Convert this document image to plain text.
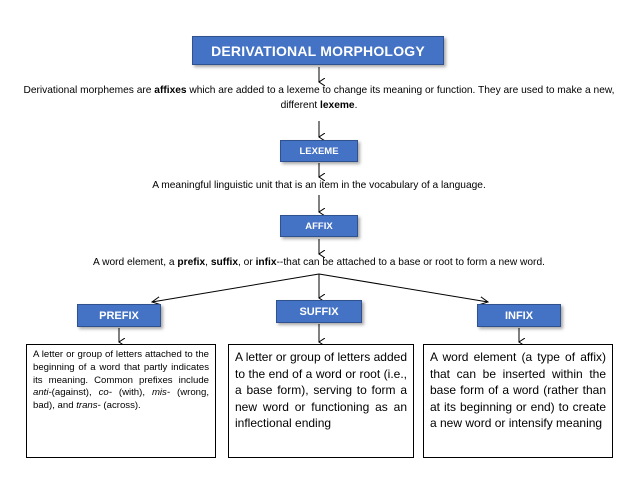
DERIVATIONAL MORPHOLOGY
Derivational morphemes are affixes which are added to a lexeme to change its meaning or function. They are used to make a new, different lexeme.
LEXEME
A meaningful linguistic unit that is an item in the vocabulary of a language.
AFFIX
A word element, a prefix, suffix, or infix--that can be attached to a base or root to form a new word.
PREFIX	SUFFIX	INFIX
A letter or group of letters attached to the beginning of a word that partly indicates its meaning. Common prefixes include anti-(against), co- (with), mis- (wrong, bad), and trans- (across).
A letter or group of letters added to the end of a word or root (i.e., a base form), serving to form a new word or functioning as an inflectional ending
A word element (a type of affix) that can be inserted within the base form of a word (rather than at its beginning or end) to create a new word or intensify meaning
